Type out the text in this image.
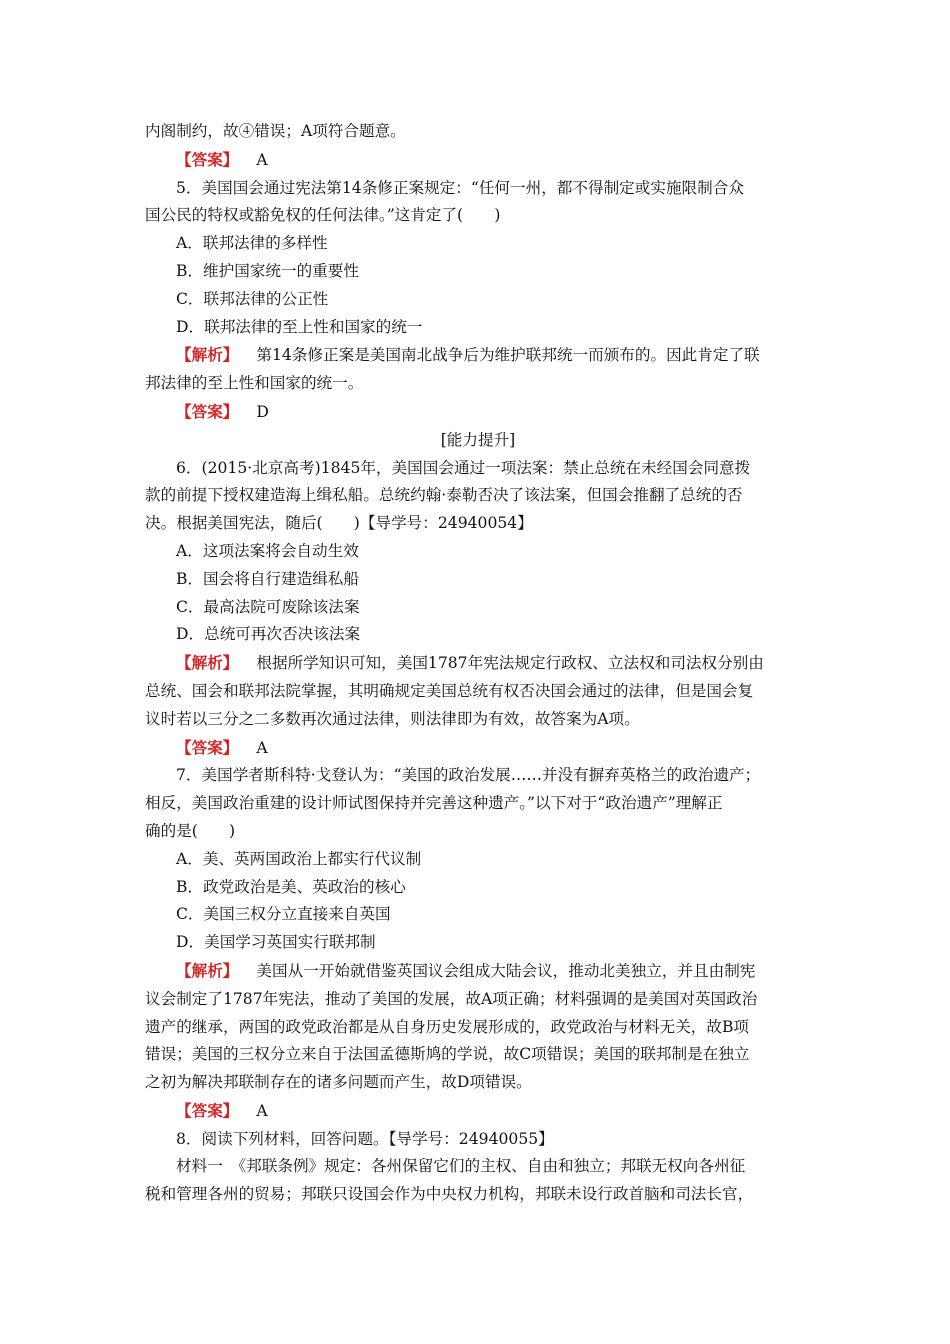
内阁制约，故④错误；A项符合题意。
【答案】 A
5．美国国会通过宪法第14条修正案规定：“任何一州，都不得制定或实施限制合众
国公民的特权或豁免权的任何法律。”这肯定了(　　)
A．联邦法律的多样性
B．维护国家统一的重要性
C．联邦法律的公正性
D．联邦法律的至上性和国家的统一
【解析】 第14条修正案是美国南北战争后为维护联邦统一而颁布的。因此肯定了联
邦法律的至上性和国家的统一。
【答案】 D
[能力提升]
6．(2015·北京高考)1845年，美国国会通过一项法案：禁止总统在未经国会同意拨
款的前提下授权建造海上缉私船。总统约翰·泰勒否决了该法案，但国会推翻了总统的否
决。根据美国宪法，随后(　　)【导学号：24940054】
A．这项法案将会自动生效
B．国会将自行建造缉私船
C．最高法院可废除该法案
D．总统可再次否决该法案
【解析】 根据所学知识可知，美国1787年宪法规定行政权、立法权和司法权分别由
总统、国会和联邦法院掌握，其明确规定美国总统有权否决国会通过的法律，但是国会复
议时若以三分之二多数再次通过法律，则法律即为有效，故答案为A项。
【答案】 A
7．美国学者斯科特·戈登认为：“美国的政治发展……并没有摒弃英格兰的政治遗产；
相反，美国政治重建的设计师试图保持并完善这种遗产。”以下对于“政治遗产”理解正
确的是(　　)
A．美、英两国政治上都实行代议制
B．政党政治是美、英政治的核心
C．美国三权分立直接来自英国
D．美国学习英国实行联邦制
【解析】 美国从一开始就借鉴英国议会组成大陆会议，推动北美独立，并且由制宪
议会制定了1787年宪法，推动了美国的发展，故A项正确；材料强调的是美国对英国政治
遗产的继承，两国的政党政治都是从自身历史发展形成的，政党政治与材料无关，故B项
错误；美国的三权分立来自于法国孟德斯鸠的学说，故C项错误；美国的联邦制是在独立
之初为解决邦联制存在的诸多问题而产生，故D项错误。
【答案】 A
8．阅读下列材料，回答问题。【导学号：24940055】
材料一　《邦联条例》规定：各州保留它们的主权、自由和独立；邦联无权向各州征
税和管理各州的贸易；邦联只设国会作为中央权力机构，邦联未设行政首脑和司法长官，
